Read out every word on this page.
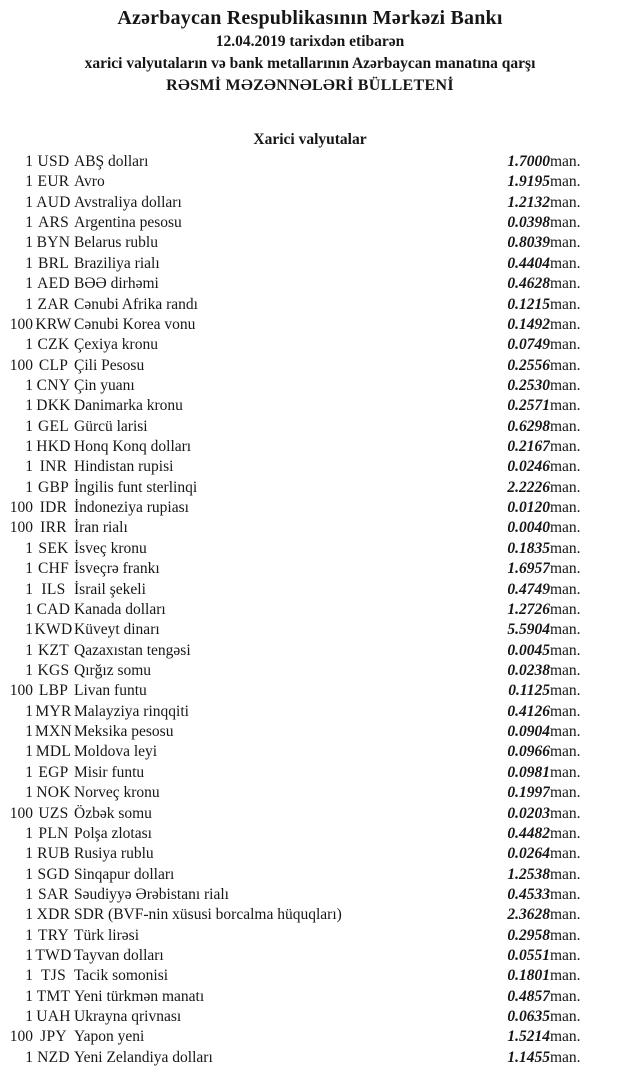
Azərbaycan Respublikasının Mərkəzi Bankı
12.04.2019 tarixdən etibarən
xarici valyutaların və bank metallarının Azərbaycan manatına qarşı
RƏSMİ MƏZƏNNƏLƏRİ BÜLLETENİ
Xarici valyutalar
1	USD	ABŞ dolları	1.7000	man.
1	EUR	Avro	1.9195	man.
1	AUD	Avstraliya dolları	1.2132	man.
1	ARS	Argentina pesosu	0.0398	man.
1	BYN	Belarus rublu	0.8039	man.
1	BRL	Braziliya rialı	0.4404	man.
1	AED	BƏƏ dirhəmi	0.4628	man.
1	ZAR	Cənubi Afrika randı	0.1215	man.
100	KRW	Cənubi Korea vonu	0.1492	man.
1	CZK	Çexiya kronu	0.0749	man.
100	CLP	Çili Pesosu	0.2556	man.
1	CNY	Çin yuanı	0.2530	man.
1	DKK	Danimarka kronu	0.2571	man.
1	GEL	Gürcü larisi	0.6298	man.
1	HKD	Honq Konq dolları	0.2167	man.
1	INR	Hindistan rupisi	0.0246	man.
1	GBP	İngilis funt sterlinqi	2.2226	man.
100	IDR	İndoneziya rupiası	0.0120	man.
100	IRR	İran rialı	0.0040	man.
1	SEK	İsveç kronu	0.1835	man.
1	CHF	İsveçrə frankı	1.6957	man.
1	ILS	İsrail şekeli	0.4749	man.
1	CAD	Kanada dolları	1.2726	man.
1	KWD	Küveyt dinarı	5.5904	man.
1	KZT	Qazaxıstan tengəsi	0.0045	man.
1	KGS	Qırğız somu	0.0238	man.
100	LBP	Livan funtu	0.1125	man.
1	MYR	Malayziya rinqqiti	0.4126	man.
1	MXN	Meksika pesosu	0.0904	man.
1	MDL	Moldova leyi	0.0966	man.
1	EGP	Misir funtu	0.0981	man.
1	NOK	Norveç kronu	0.1997	man.
100	UZS	Özbək somu	0.0203	man.
1	PLN	Polşa zlotası	0.4482	man.
1	RUB	Rusiya rublu	0.0264	man.
1	SGD	Sinqapur dolları	1.2538	man.
1	SAR	Səudiyyə Ərəbistanı rialı	0.4533	man.
1	XDR	SDR (BVF-nin xüsusi borcalma hüquqları)	2.3628	man.
1	TRY	Türk lirəsi	0.2958	man.
1	TWD	Tayvan dolları	0.0551	man.
1	TJS	Tacik somonisi	0.1801	man.
1	TMT	Yeni türkmən manatı	0.4857	man.
1	UAH	Ukrayna qrivnası	0.0635	man.
100	JPY	Yapon yeni	1.5214	man.
1	NZD	Yeni Zelandiya dolları	1.1455	man.
